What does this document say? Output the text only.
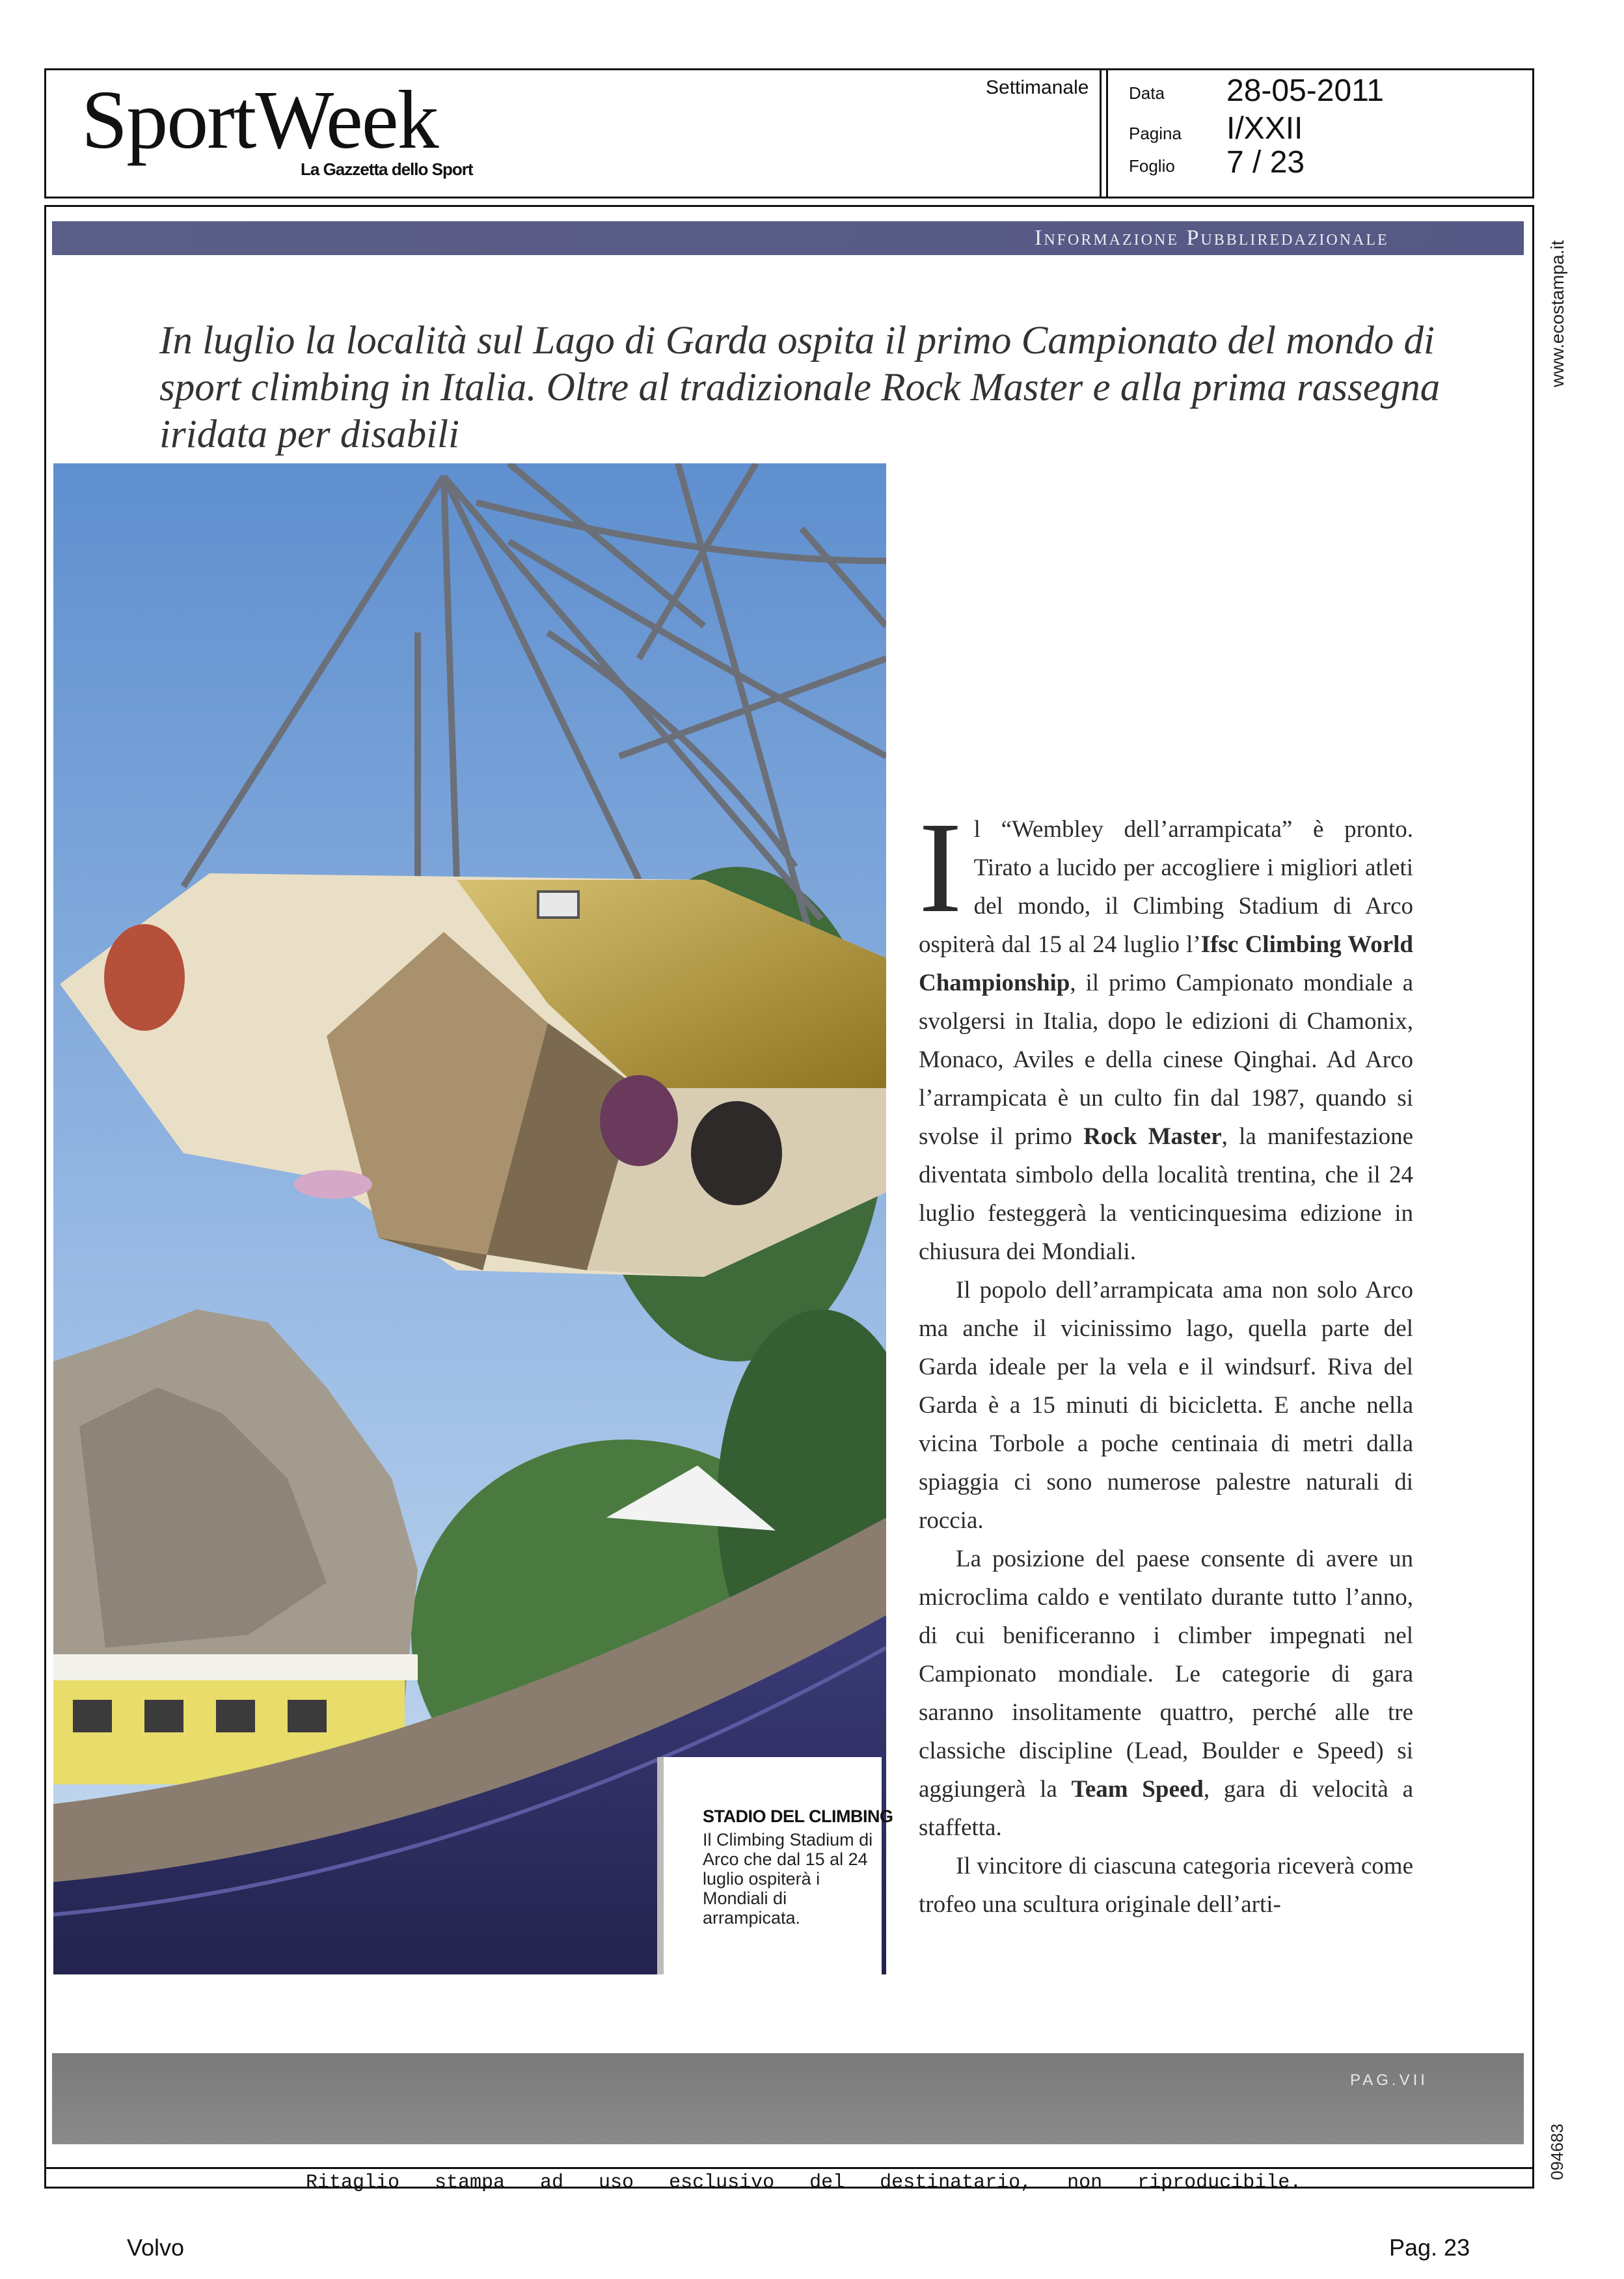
SportWeek
La Gazzetta dello Sport
Settimanale Data 28-05-2011
Pagina I/XXII
Foglio 7 / 23
Informazione Pubbliredazionale
www.ecostampa.it
In luglio la località sul Lago di Garda ospita il primo Campionato del mondo di sport climbing in Italia. Oltre al tradizionale Rock Master e alla prima rassegna iridata per disabili
STADIO DEL CLIMBING
Il Climbing Stadium di Arco che dal 15 al 24 luglio ospiterà i Mondiali di arrampicata.

Il “Wembley dell’arrampicata” è pronto. Tirato a lucido per accogliere i migliori atleti del mondo, il Climbing Stadium di Arco ospiterà dal 15 al 24 luglio l’Ifsc Climbing World Championship, il primo Campionato mondiale a svolgersi in Italia, dopo le edizioni di Chamonix, Monaco, Aviles e della cinese Qinghai. Ad Arco l’arrampicata è un culto fin dal 1987, quando si svolse il primo Rock Master, la manifestazione diventata simbolo della località trentina, che il 24 luglio festeggerà la venticinquesima edizione in chiusura dei Mondiali.

Il popolo dell’arrampicata ama non solo Arco ma anche il vicinissimo lago, quella parte del Garda ideale per la vela e il windsurf. Riva del Garda è a 15 minuti di bicicletta. E anche nella vicina Torbole a poche centinaia di metri dalla spiaggia ci sono numerose palestre naturali di roccia.

La posizione del paese consente di avere un microclima caldo e ventilato durante tutto l’anno, di cui benificeranno i climber impegnati nel Campionato mondiale. Le categorie di gara saranno insolitamente quattro, perché alle tre classiche discipline (Lead, Boulder e Speed) si aggiungerà la Team Speed, gara di velocità a staffetta.

Il vincitore di ciascuna categoria riceverà come trofeo una scultura originale dell’arti-

PAG.VII
094683
Ritaglio stampa ad uso esclusivo del destinatario, non riproducibile.
Volvo	Pag. 23
